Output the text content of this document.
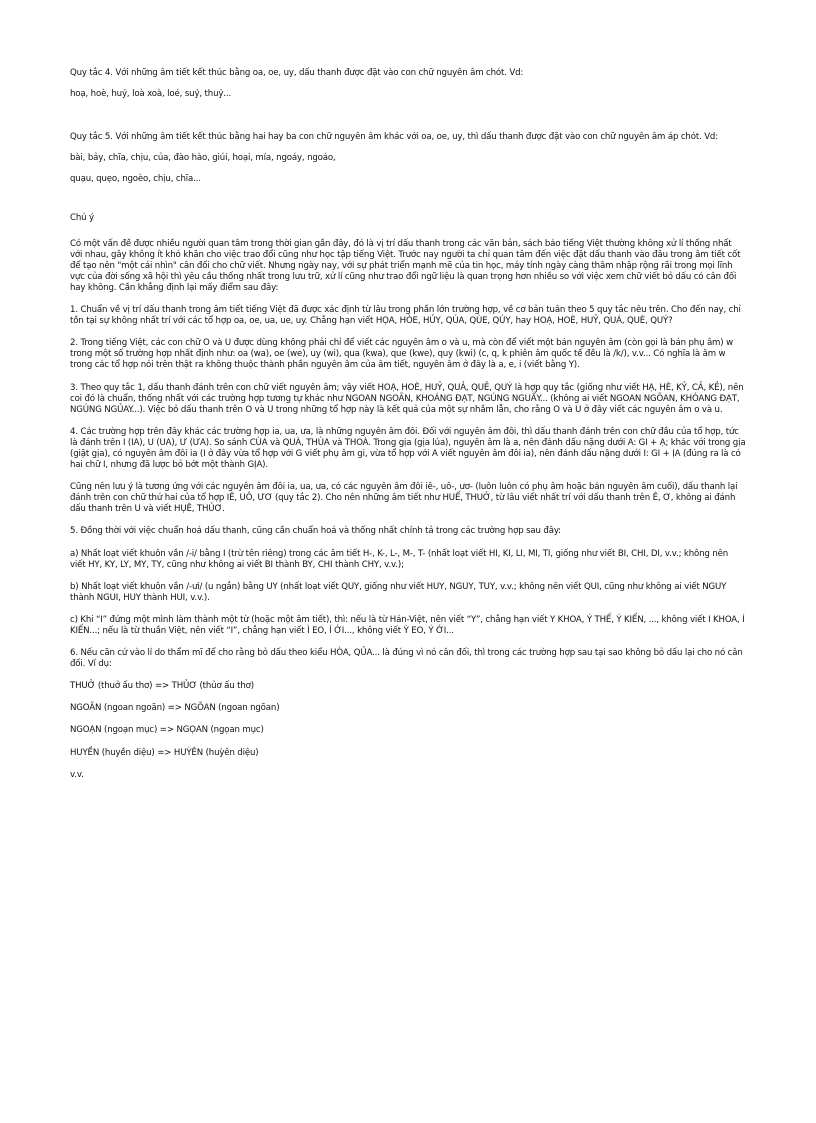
Quy tắc 4. Với những âm tiết kết thúc bằng oa, oe, uy, dấu thanh được đặt vào con chữ nguyên âm chót. Vd:

hoạ, hoè, huỷ, loà xoà, loé, suý, thuỷ...

Quy tắc 5. Với những âm tiết kết thúc bằng hai hay ba con chữ nguyên âm khác với oa, oe, uy, thì dấu thanh được đặt vào con chữ nguyên âm áp chót. Vd:

bài, bảy, chĩa, chịu, của, đào hào, giúi, hoại, mía, ngoáy, ngoáo,

quạu, quẹo, ngoèo, chịu, chĩa...

Chú ý

Có một vấn đề được nhiều người quan tâm trong thời gian gần đây, đó là vị trí dấu thanh trong các văn bản, sách báo tiếng Việt thường không xử lí thống nhất với nhau, gây không ít khó khăn cho việc trao đổi cũng như học tập tiếng Việt. Trước nay người ta chỉ quan tâm đến việc đặt dấu thanh vào đâu trong âm tiết cốt để tạo nên "một cái nhìn" cân đối cho chữ viết. Nhưng ngày nay, với sự phát triển mạnh mẽ của tin học, máy tính ngày càng thâm nhập rộng rãi trong mọi lĩnh vực của đời sống xã hội thì yêu cầu thống nhất trong lưu trữ, xử lí cũng như trao đổi ngữ liệu là quan trọng hơn nhiều so với việc xem chữ viết bỏ dấu có cân đối hay không. Cần khẳng định lại mấy điểm sau đây:

1. Chuẩn về vị trí dấu thanh trong âm tiết tiếng Việt đã được xác định từ lâu trong phần lớn trường hợp, về cơ bản tuân theo 5 quy tắc nêu trên. Cho đến nay, chỉ tồn tại sự không nhất trí với các tổ hợp oa, oe, ua, ue, uy. Chẳng hạn viết HỌA, HÒE, HỦY, QÚA, QÙE, QÚY, hay HOẠ, HOÈ, HUỶ, QUÁ, QUÈ, QUÝ?

2. Trong tiếng Việt, các con chữ O và U được dùng không phải chỉ để viết các nguyên âm o và u, mà còn để viết một bán nguyên âm (còn gọi là bán phụ âm) w trong một số trường hợp nhất định như: oa (wa), oe (we), uy (wi), qua (kwa), que (kwe), quy (kwi) (c, q, k phiên âm quốc tế đều là /k/), v.v... Có nghĩa là âm w trong các tổ hợp nói trên thật ra không thuộc thành phần nguyên âm của âm tiết, nguyên âm ở đây là a, e, i (viết bằng Y).

3. Theo quy tắc 1, dấu thanh đánh trên con chữ viết nguyên âm; vậy viết HOẠ, HOÈ, HUỶ, QUẢ, QUẺ, QUÝ là hợp quy tắc (giống như viết HẠ, HÈ, KỶ, CẢ, KẺ), nên coi đó là chuẩn, thống nhất với các trường hợp tương tự khác như NGOAN NGOÃN, KHOÁNG ĐẠT, NGÚNG NGUẨY... (không ai viết NGOAN NGÕAN, KHÓANG ĐẠT, NGÚNG NGỦAY...). Việc bỏ dấu thanh trên O và U trong những tổ hợp này là kết quả của một sự nhầm lẫn, cho rằng O và U ở đây viết các nguyên âm o và u.

4. Các trường hợp trên đây khác các trường hợp ia, ua, ưa, là những nguyên âm đôi. Đối với nguyên âm đôi, thì dấu thanh đánh trên con chữ đầu của tổ hợp, tức là đánh trên I (IA), U (UA), Ư (ƯA). So sánh CÙA và QUÀ, THÙA và THOÀ. Trong gịa (gịa lúa), nguyên âm là a, nên đánh dấu nặng dưới A: GI + Ạ; khác với trong gịa (giặt gịa), có nguyên âm đôi ia (I ở đây vừa tổ hợp với G viết phụ âm gi, vừa tổ hợp với A viết nguyên âm đôi ia), nên đánh dấu nặng dưới I: GI + ỊA (đúng ra là có hai chữ I, nhưng đã lược bỏ bớt một thành GỊA).

Cũng nên lưu ý là tương ứng với các nguyên âm đôi ia, ua, ưa, có các nguyên âm đôi iê-, uô-, ươ- (luôn luôn có phụ âm hoặc bán nguyên âm cuối), dấu thanh lại đánh trên con chữ thứ hai của tổ hợp IÊ, UÔ, ƯƠ (quy tắc 2). Cho nên những âm tiết như HUẾ, THUỞ, từ lâu viết nhất trí với dấu thanh trên Ê, Ơ, không ai đánh dấu thanh trên U và viết HỤÊ, THỦƠ.

5. Đồng thời với việc chuẩn hoá dấu thanh, cũng cần chuẩn hoá và thống nhất chính tả trong các trường hợp sau đây:

a) Nhất loạt viết khuôn vần /-i/ bằng I (trừ tên riêng) trong các âm tiết H-, K-, L-, M-, T- (nhất loạt viết HI, KI, LI, MI, TI, giống như viết BI, CHI, DI, v.v.; không nên viết HY, KY, LY, MY, TY, cũng như không ai viết BI thành BY, CHI thành CHY, v.v.);

b) Nhất loạt viết khuôn vần /-ưi/ (u ngắn) bằng UY (nhất loạt viết QUY, giống như viết HUY, NGUY, TUY, v.v.; không nên viết QUI, cũng như không ai viết NGUY thành NGUI, HUY thành HUI, v.v.).

c) Khi “I” đứng một mình làm thành một từ (hoặc một âm tiết), thì: nếu là từ Hán-Việt, nên viết “Y”, chẳng hạn viết Y KHOA, Ý THẾ, Ý KIẾN, ..., không viết I KHOA, Í KIẾN...; nếu là từ thuần Việt, nên viết “I”, chẳng hạn viết Ì EO, Í ỚI..., không viết Ỳ EO, Ý ỚI...

6. Nếu căn cứ vào lí do thẩm mĩ để cho rằng bỏ dấu theo kiểu HÒA, QỦA... là đúng vì nó cân đối, thì trong các trường hợp sau tại sao không bỏ dấu lại cho nó cân đối. Ví dụ:

THUỞ (thuở ấu thơ) => THỦƠ (thủơ ấu thơ)

NGOÃN (ngoan ngoãn) => NGÕAN (ngoan ngõan)

NGOẠN (ngoạn mục) => NGỌAN (ngọan mục)

HUYỀN (huyền diệu) => HUỲÊN (huỳên diệu)

v.v.
